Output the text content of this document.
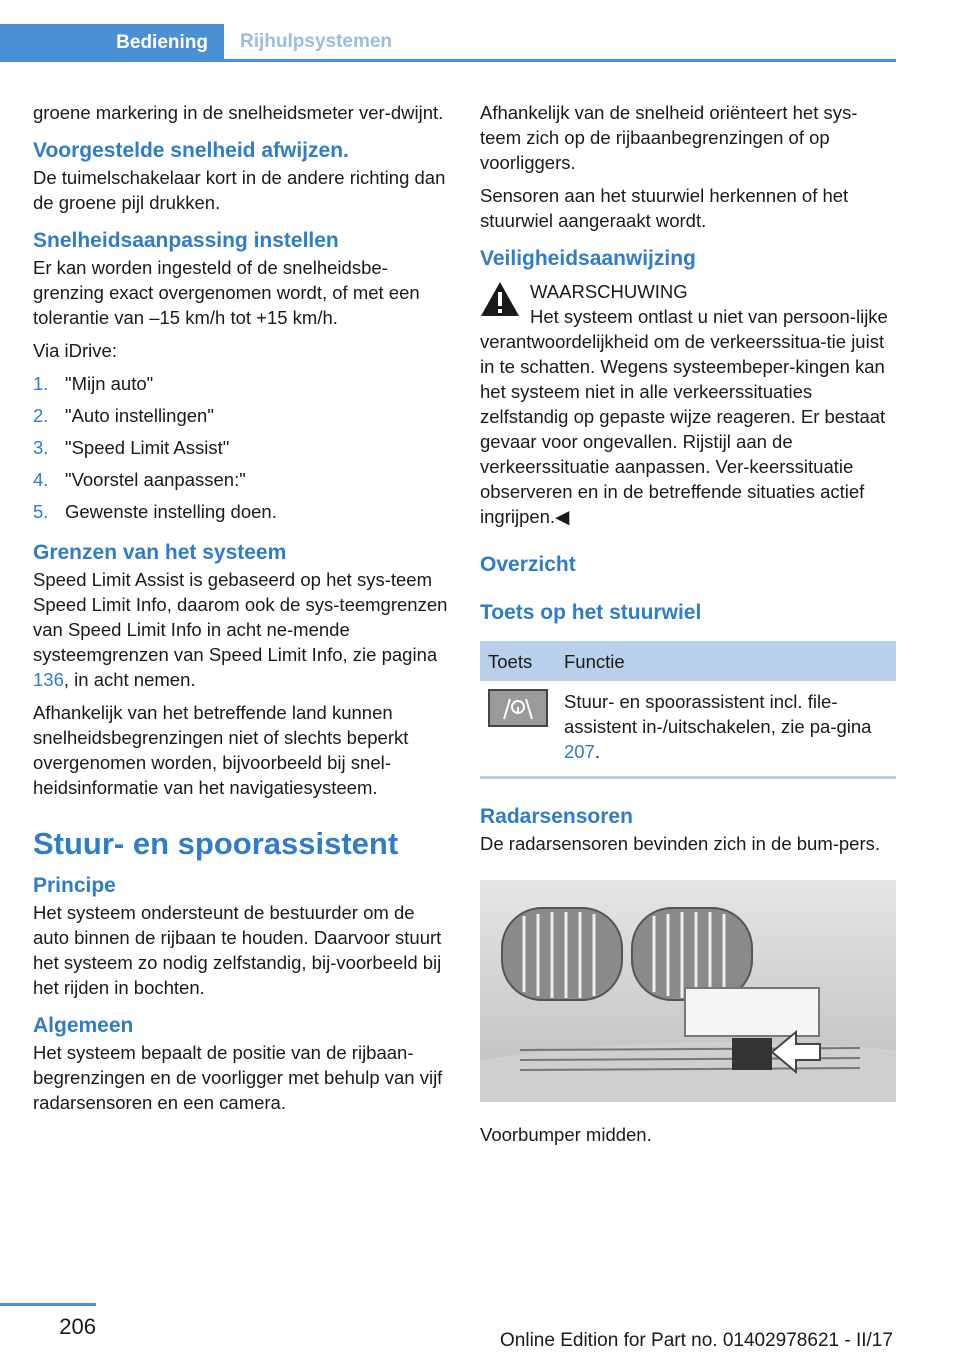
Bediening	Rijhulpsystemen

groene markering in de snelheidsmeter ver-dwijnt.

Voorgestelde snelheid afwijzen.

De tuimelschakelaar kort in de andere richting dan de groene pijl drukken.

Snelheidsaanpassing instellen

Er kan worden ingesteld of de snelheidsbe-grenzing exact overgenomen wordt, of met een tolerantie van –15 km/h tot +15 km/h.

Via iDrive:

1. "Mijn auto"
2. "Auto instellingen"
3. "Speed Limit Assist"
4. "Voorstel aanpassen:"
5. Gewenste instelling doen.
Grenzen van het systeem

Speed Limit Assist is gebaseerd op het sys-teem Speed Limit Info, daarom ook de sys-teemgrenzen van Speed Limit Info in acht ne-mende systeemgrenzen van Speed Limit Info, zie pagina 136, in acht nemen.

Afhankelijk van het betreffende land kunnen snelheidsbegrenzingen niet of slechts beperkt overgenomen worden, bijvoorbeeld bij snel-heidsinformatie van het navigatiesysteem.

Stuur- en spoorassistent
Principe

Het systeem ondersteunt de bestuurder om de auto binnen de rijbaan te houden. Daarvoor stuurt het systeem zo nodig zelfstandig, bij-voorbeeld bij het rijden in bochten.

Algemeen

Het systeem bepaalt de positie van de rijbaan-begrenzingen en de voorligger met behulp van vijf radarsensoren en een camera.

Afhankelijk van de snelheid oriënteert het sys-teem zich op de rijbaanbegrenzingen of op voorliggers.

Sensoren aan het stuurwiel herkennen of het stuurwiel aangeraakt wordt.

Veiligheidsaanwijzing
WAARSCHUWING

Het systeem ontlast u niet van persoon-lijke verantwoordelijkheid om de verkeerssitua-tie juist in te schatten. Wegens systeembeper-kingen kan het systeem niet in alle verkeerssituaties zelfstandig op gepaste wijze reageren. Er bestaat gevaar voor ongevallen. Rijstijl aan de verkeerssituatie aanpassen. Ver-keerssituatie observeren en in de betreffende situaties actief ingrijpen.◀

Overzicht
Toets op het stuurwiel
Toets	Functie

	Stuur- en spoorassistent incl. file-assistent in-/uitschakelen, zie pa-gina 207.
Radarsensoren

De radarsensoren bevinden zich in de bum-pers.

Voorbumper midden.

206
Online Edition for Part no. 01402978621 - II/17
